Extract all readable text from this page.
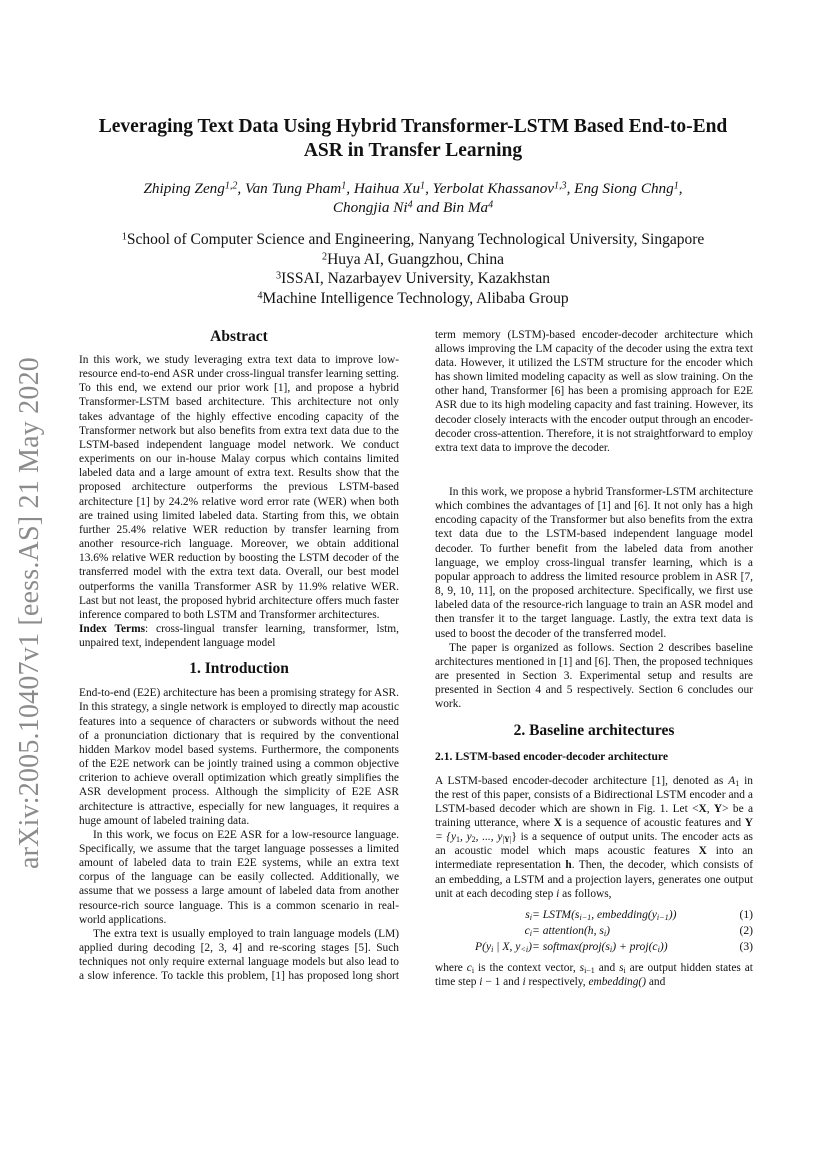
arXiv:2005.10407v1 [eess.AS] 21 May 2020
Leveraging Text Data Using Hybrid Transformer-LSTM Based End-to-End
ASR in Transfer Learning
Zhiping Zeng$^{1,2}$, Van Tung Pham$^1$, Haihua Xu$^1$, Yerbolat Khassanov$^{1,3}$, Eng Siong Chng$^1$,
Chongjia Ni$^4$ and Bin Ma$^4$
$^1$School of Computer Science and Engineering, Nanyang Technological University, Singapore
$^2$Huya AI, Guangzhou, China
$^3$ISSAI, Nazarbayev University, Kazakhstan
$^4$Machine Intelligence Technology, Alibaba Group
Abstract

In this work, we study leveraging extra text data to improve low-resource end-to-end ASR under cross-lingual transfer learning setting. To this end, we extend our prior work [1], and propose a hybrid Transformer-LSTM based architecture. This architecture not only takes advantage of the highly effective encoding capacity of the Transformer network but also benefits from extra text data due to the LSTM-based independent language model network. We conduct experiments on our in-house Malay corpus which contains limited labeled data and a large amount of extra text. Results show that the proposed architecture outperforms the previous LSTM-based architecture [1] by 24.2% relative word error rate (WER) when both are trained using limited labeled data. Starting from this, we obtain further 25.4% relative WER reduction by transfer learning from another resource-rich language. Moreover, we obtain additional 13.6% relative WER reduction by boosting the LSTM decoder of the transferred model with the extra text data. Overall, our best model outperforms the vanilla Transformer ASR by 11.9% relative WER. Last but not least, the proposed hybrid architecture offers much faster inference compared to both LSTM and Transformer architectures.

Index Terms: cross-lingual transfer learning, transformer, lstm, unpaired text, independent language model

1. Introduction

End-to-end (E2E) architecture has been a promising strategy for ASR. In this strategy, a single network is employed to directly map acoustic features into a sequence of characters or subwords without the need of a pronunciation dictionary that is required by the conventional hidden Markov model based systems. Furthermore, the components of the E2E network can be jointly trained using a common objective criterion to achieve overall optimization which greatly simplifies the ASR development process. Although the simplicity of E2E ASR architecture is attractive, especially for new languages, it requires a huge amount of labeled training data.

In this work, we focus on E2E ASR for a low-resource language. Specifically, we assume that the target language possesses a limited amount of labeled data to train E2E systems, while an extra text corpus of the language can be easily collected. Additionally, we assume that we possess a large amount of labeled data from another resource-rich source language. This is a common scenario in real-world applications.

The extra text is usually employed to train language models (LM) applied during decoding [2, 3, 4] and re-scoring stages [5]. Such techniques not only require external language models but also lead to a slow inference. To tackle this problem, [1] has proposed long short

term memory (LSTM)-based encoder-decoder architecture which allows improving the LM capacity of the decoder using the extra text data. However, it utilized the LSTM structure for the encoder which has shown limited modeling capacity as well as slow training. On the other hand, Transformer [6] has been a promising approach for E2E ASR due to its high modeling capacity and fast training. However, its decoder closely interacts with the encoder output through an encoder-decoder cross-attention. Therefore, it is not straightforward to employ extra text data to improve the decoder.

In this work, we propose a hybrid Transformer-LSTM architecture which combines the advantages of [1] and [6]. It not only has a high encoding capacity of the Transformer but also benefits from the extra text data due to the LSTM-based independent language model decoder. To further benefit from the labeled data from another language, we employ cross-lingual transfer learning, which is a popular approach to address the limited resource problem in ASR [7, 8, 9, 10, 11], on the proposed architecture. Specifically, we first use labeled data of the resource-rich language to train an ASR model and then transfer it to the target language. Lastly, the extra text data is used to boost the decoder of the transferred model.

The paper is organized as follows. Section 2 describes baseline architectures mentioned in [1] and [6]. Then, the proposed techniques are presented in Section 3. Experimental setup and results are presented in Section 4 and 5 respectively. Section 6 concludes our work.

2. Baseline architectures
2.1. LSTM-based encoder-decoder architecture

A LSTM-based encoder-decoder architecture [1], denoted as $A_1$ in the rest of this paper, consists of a Bidirectional LSTM encoder and a LSTM-based decoder which are shown in Fig. 1. Let <X, Y> be a training utterance, where X is a sequence of acoustic features and $Y = \{y_1$, $y_2$, ..., $y_{|Y|}$} is a sequence of output units. The encoder acts as an acoustic model which maps acoustic features X into an intermediate representation h. Then, the decoder, which consists of an embedding, a LSTM and a projection layers, generates one output unit at each decoding step i as follows,

$s_i$ = $LSTM(s_{i-1}$, $embedding(y_{i-1})$)	(1)
$c_i$ = attention(h, $s_i$)	(2)
$P(y_i$ | X, $y_{<i}$) = $softmax(proj(s_i)$ + $proj(c_i)$)	(3)

where $c_i$ is the context vector, $s_{i-1}$ and $s_i$ are output hidden states at time step i − 1 and i respectively, embedding() and
